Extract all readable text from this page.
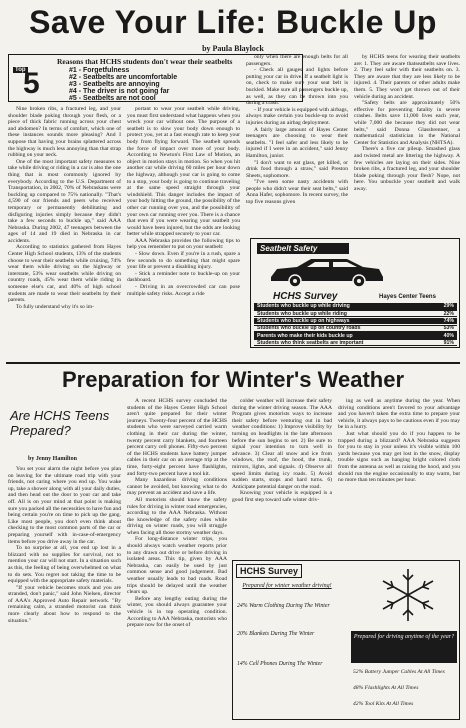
Save Your Life: Buckle Up
by Paula Blaylock
Top
5
Reasons that HCHS students don't wear their seatbelts
#1 - Forgetfulness
#2 - Seatbelts are uncomfortable
#3 - Seatbelts are annoying
#4 - The driver is not going far
#5 - Seatbelts are not cool

Nine broken ribs, a fractured leg, and your shoulder blade poking through your flesh, or a piece of thick fabric running across your chest and abdomen? In terms of comfort, which one of these instances sounds more pleasing? And I suppose that having your brains splattered across the highway is much less annoying than that strap rubbing on your neck.

One of the most important safety measures to take while driving or riding in a car is also the one thing that is most commonly ignored by everybody. According to the U.S. Department of Transportation, in 2002, 70% of Nebraskans were buckling up compared to 75% nationally. "That's 4,590 of our friends and peers who received temporary or permanently debilitating and disfiguring injuries simply because they didn't take a few seconds to buckle up," said AAA Nebraska. During 2002, 47 teenagers between the ages of 14 and 19 died in Nebraska in car accidents.

According to statistics gathered from Hayes Center High School students, 13% of the students choose to wear their seatbelts while cruising, 74% wear them while driving on the highway or interstate, 53% wear seatbelts while driving on country roads, 45% wear them while riding in someone else's car, and 40% of high school students are made to wear their seatbelts by their parents.

To fully understand why it's so im-

portant to wear your seatbelt while driving, you must first understand what happens when you wreck your car without one. The purpose of a seatbelt is to slow your body down enough to protect you, yet at a fast enough rate to keep your body from flying forward. The seatbelt spreads the force of impact over more of your body. According to Newton's First Law of Motion, an object in motion stays in motion. So when you hit another car while driving 60 miles per hour down the highway, although your car is going to come to a stop, your body is going to continue traveling at the same speed straight through your windshield. This danger includes the impact of your body hitting the ground, the possibility of the other car running over you, and the possibility of your own car running over you. There is a chance that even if you were wearing your seatbelt you would have been injured, but the odds are looking better while strapped securely to your car.

AAA Nebraska provides the following tips to help you remember to put on your seatbelt:

- Slow down. Even if you're in a rush, spare a few seconds to do something that might spare your life or prevent a disabling injury.

- Stick a reminder note to buckle-up on your dashboard.

- Driving in an overcrowded car can pose multiple safety risks. Accept a ride

only when there are enough belts for all passengers.

- Check all gauges and lights before putting your car in drive. If a seatbelt light is on, check to make sure your seat belt is buckled. Make sure all passengers buckle up, as well, as they can be thrown into you during a crash.

- If your vehicle is equipped with airbags, always make certain you buckle-up to avoid injuries during an airbag deployment.

A fairly large amount of Hayes Center teenagers are choosing to wear their seatbelts. "I feel safer and less likely to be injured if I were in an accident," said Jenny Hamilton, junior.

"I don't want to eat glass, get killed, or drink food through a straw," said Preston Sheets, sophomore.

"I've seen some nasty accidents with people who didn't wear their seat belts," said Anna Hafer, sophomore. In recent survey, the top five reasons given

by HCHS teens for wearing their seatbelts are: 1. They are aware thatseatbelts save lives. 2. They feel safer with their seatbelts on. 3. They are aware that they are less likely to be injured. 4. Their parents or other adults make them. 5. They won't get thrown out of their vehicle during an accident.

"Safety belts are approximately 50% effective for preventing fatality in severe crashes. Belts save 11,000 lives each year, while 7,000 die because they did not wear belts," said Donna Glassbrenner, a mathematical statistician in the National Center for Statistics and Analysis (NHTSA).

There's a five car pileup. Smashed glass and twisted metal are littering the highway. A few vehicles are laying on their sides. Nine broken ribs, a fractured leg, and your shoulder blade poking through your flesh? Nope, not here. You unbuckle your seatbelt and walk away.

Seatbelt Safety
HCHS Survey	Hayes Center Teens
Students who buckle up while driving	29%
Students who buckle up while riding	22%
Students who buckle up on highways	74%
Students who buckle up on country roads	53%
Parents who make their kids buckle up	40%
Students who think seatbelts are important	91%
Preparation for Winter's Weather
Are HCHS Teens Prepared?
by Jenny Hamilton

You set your alarm the night before you plan on leaving for the ultimate road trip with your friends, not caring where you end up. You wake up, take a shower along with all your daily duties, and then head out the door to your car and take off. All is on your mind at that point is making sure you packed all the necessities to have fun and being certain you're on time to pick up the gang. Like most people, you don't even think about checking to the most common parts of the car or preparing yourself with in-case-of-emergency items before you drive away in the car.

To no surprise at all, you end up lost in a blizzard with no supplies for survival, not to mention your car will not start. In a situation such as this, the feeling of being overwhelmed on what to do sets. You regret not taking the time to be equipped with the appropriate safety materials.

"If your vehicle becomes stuck and you are stranded, don't panic," said John Nielsen, director of AAA's Approved Auto Repair network. "By remaining calm, a stranded motorist can think more clearly about how to respond to the situation."

A recent HCHS survey concluded the students of the Hayes Center High School aren't quite prepared for their winter journeys. Twenty-four percent of the HCHS students who were surveyed carried warm clothing in their car during the winter, twenty percent carry blankets, and fourteen percent carry cell phones. Fifty-two percent of the HCHS students have battery jumper cables in their car on an average trip at the time, forty-eight percent have flashlights, and forty-two percent have a tool kit.

Many hazardous driving conditions cannot be avoided, but knowing what to do may prevent an accident and save a life.

All motorists should know the safety rules for driving in winter road emergencies, according to the AAA Nebraska. Without the knowledge of the safety rules while driving on winter roads, you will struggle when facing all those stormy weather days.

For long-distance winter trips, you should always watch weather reports prior to any drawn out drive or before driving in isolated areas. This tip, given by AAA Nebraska, can easily be used by just common sense and good judgement. Bad weather usually leads to bad roads. Road trips should be delayed until the weather clears up.

Before any lengthy outing during the winter, you should always guarantee your vehicle is in top operating condition. According to AAA Nebraska, motorists who prepare now for the onset of

colder weather will increase their safety during the winter driving season. The AAA Program gives motorists ways to increase their safety before venturing out in bad weather conditions: 1) Improve visibility by turning on headlights in the late afternoon before the sun begins to set. 2) Be sure to signal your intention to turn well in advance. 3) Clear all snow and ice from windows, the roof, the hood, the trunk, mirrors, lights, and signals. 4) Observe all speed limits during icy roads. 5) Avoid sudden starts, stops and hard turns. 6) Anticipate potential danger on the road.

Knowing your vehicle is equipped is a good first step toward safe winter driv-

ing as well as anytime during the year. When driving conditions aren't favored to your advantage and you haven't taken the extra time to prepare your vehicle, it always pays to be cautious even if you may be in a hurry.

Just what should you do if you happen to be trapped during a blizzard? AAA Nebraska suggests for you to stay in your unless it's visible within 100 yards because you may get lost in the snow, display trouble signs such as hanging bright colored cloth from the antenna as well as raising the hood, and you should run the engine occasionally to stay warm, but no more than ten minutes per hour.

HCHS Survey
Prepared for winter weather driving!
24% Warm Clothing During The Winter
20% Blankets During The Winter
14% Cell Phones During The Winter
Prepared for driving anytime of the year?
52% Battery Jumper Cables At All Times
48% Flashlights At All Times
42% Tool Kits At All Times
